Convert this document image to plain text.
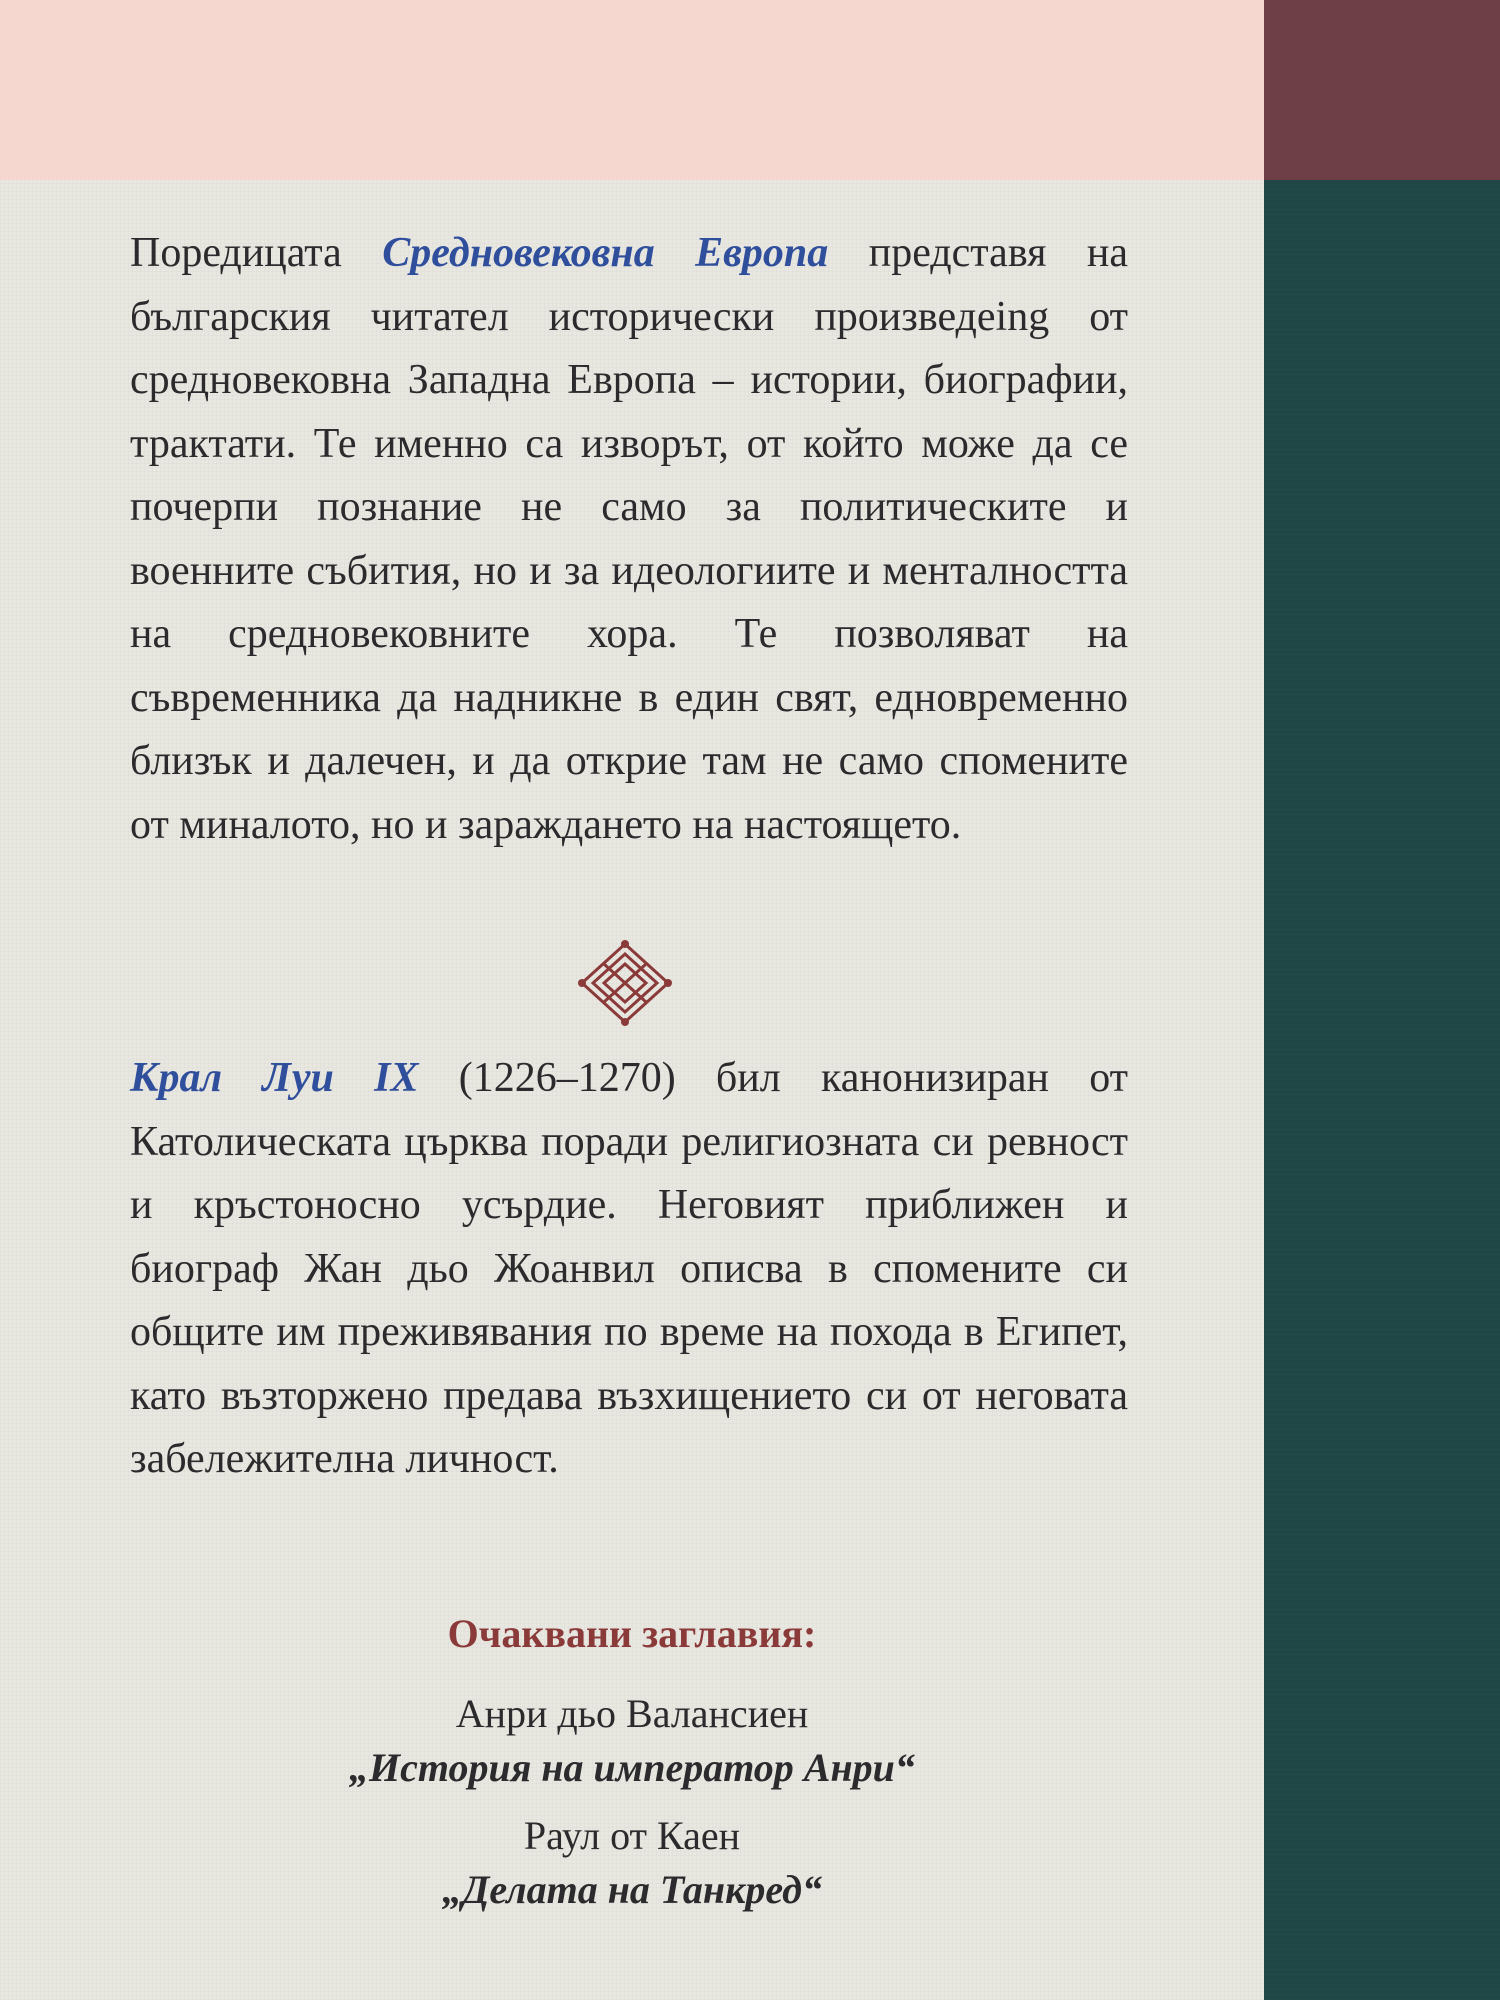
Поредицата Средновековна Европа представя на българския читател исторически произведеing от средновековна Западна Европа – истории, биографии, трактати. Те именно са изворът, от който може да се почерпи познание не само за политическите и военните събития, но и за идеологиите и менталността на средновековните хора. Те позволяват на съвременника да надникне в един свят, едновременно близък и далечен, и да открие там не само спомените от миналото, но и зараждането на настоящето.
Крал Луи IX (1226–1270) бил канонизиран от Католическата църква поради религиозната си ревност и кръстоносно усърдие. Неговият приближен и биограф Жан дьо Жоанвил описва в спомените си общите им преживявания по време на похода в Египет, като възторжено предава възхищението си от неговата забележителна личност.
Очаквани заглавия:
Анри дьо Валансиен
„История на император Анри“
Раул от Каен
„Делата на Танкред“
